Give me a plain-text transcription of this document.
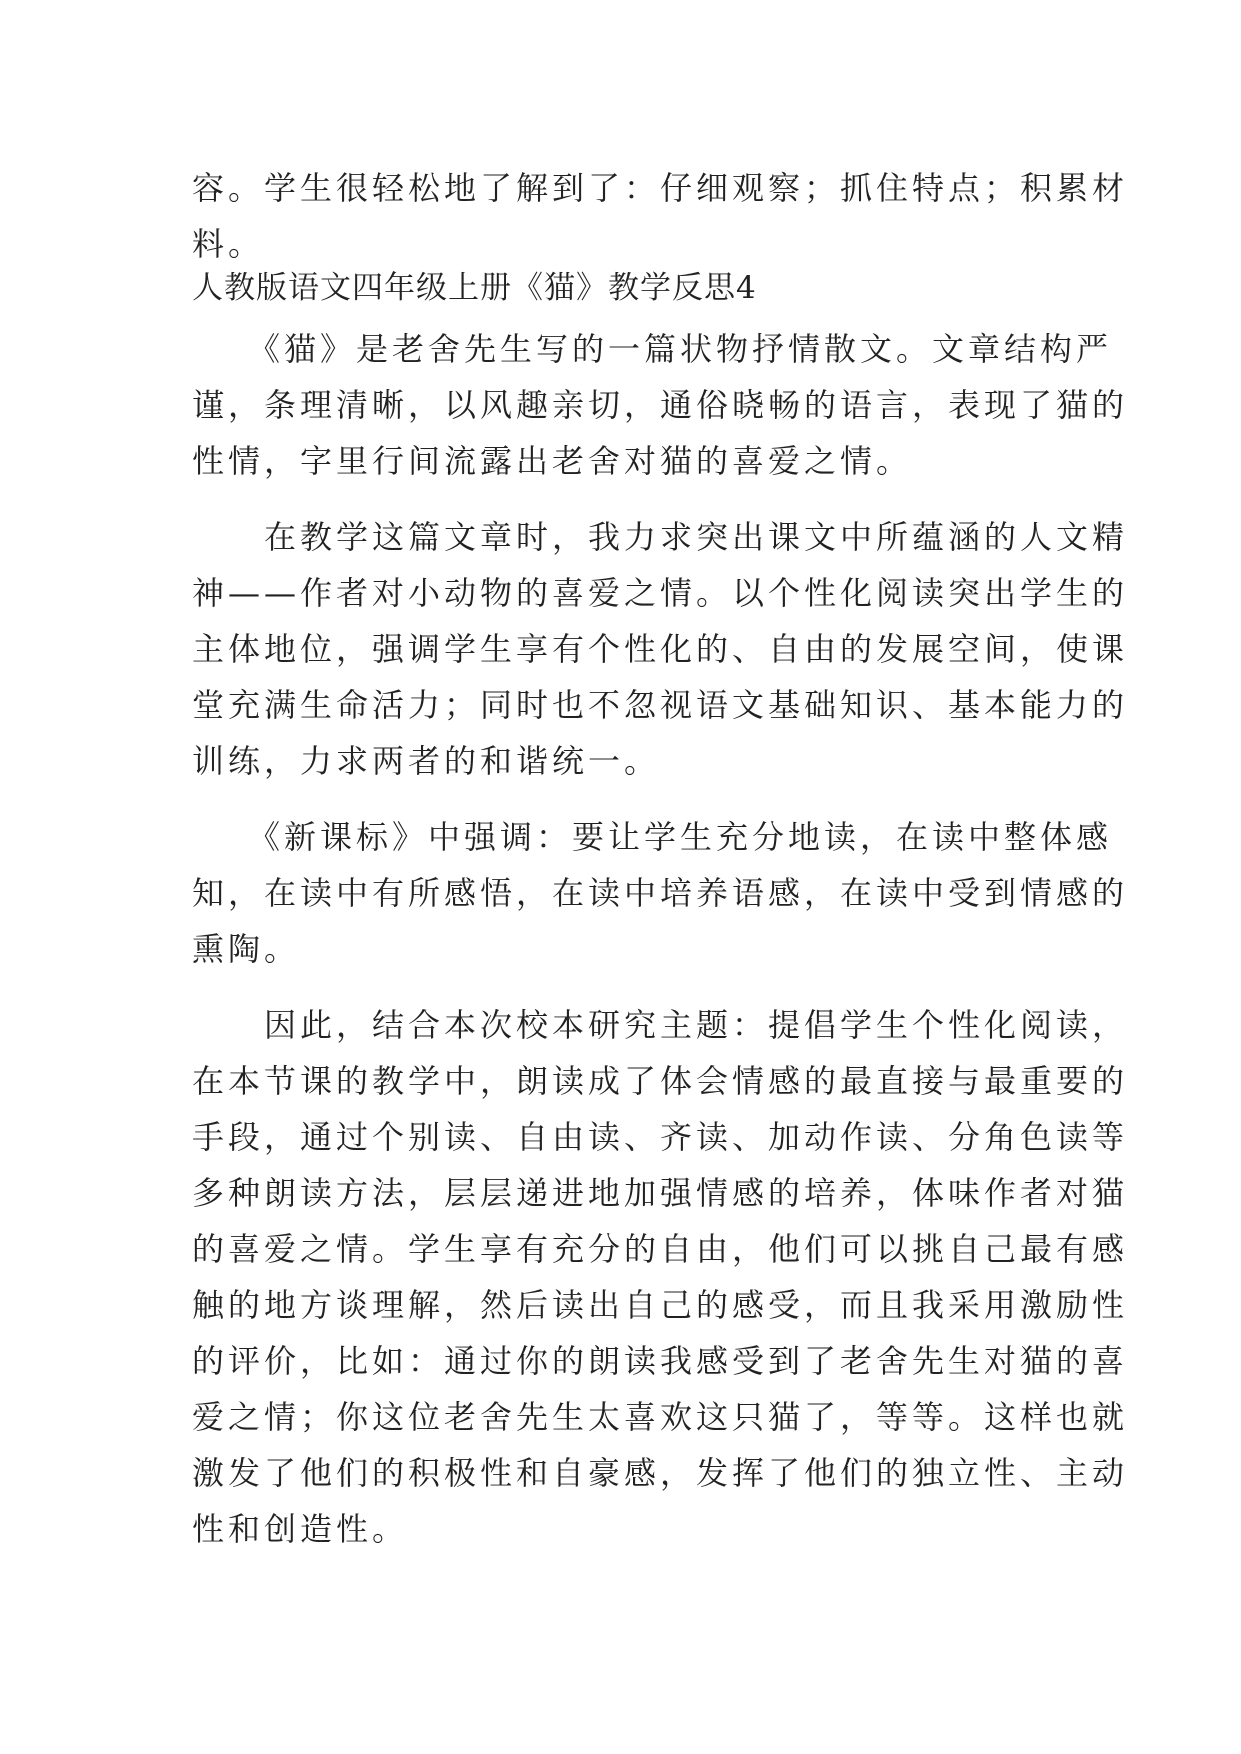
容。学生很轻松地了解到了：仔细观察；抓住特点；积累材

料。

人教版语文四年级上册《猫》教学反思4

　　《猫》是老舍先生写的一篇状物抒情散文。文章结构严

谨，条理清晰，以风趣亲切，通俗晓畅的语言，表现了猫的

性情，字里行间流露出老舍对猫的喜爱之情。

　　在教学这篇文章时，我力求突出课文中所蕴涵的人文精

神——作者对小动物的喜爱之情。以个性化阅读突出学生的

主体地位，强调学生享有个性化的、自由的发展空间，使课

堂充满生命活力；同时也不忽视语文基础知识、基本能力的

训练，力求两者的和谐统一。

　　《新课标》中强调：要让学生充分地读，在读中整体感

知，在读中有所感悟，在读中培养语感，在读中受到情感的

熏陶。

　　因此，结合本次校本研究主题：提倡学生个性化阅读，

在本节课的教学中，朗读成了体会情感的最直接与最重要的

手段，通过个别读、自由读、齐读、加动作读、分角色读等

多种朗读方法，层层递进地加强情感的培养，体味作者对猫

的喜爱之情。学生享有充分的自由，他们可以挑自己最有感

触的地方谈理解，然后读出自己的感受，而且我采用激励性

的评价，比如：通过你的朗读我感受到了老舍先生对猫的喜

爱之情；你这位老舍先生太喜欢这只猫了，等等。这样也就

激发了他们的积极性和自豪感，发挥了他们的独立性、主动

性和创造性。
